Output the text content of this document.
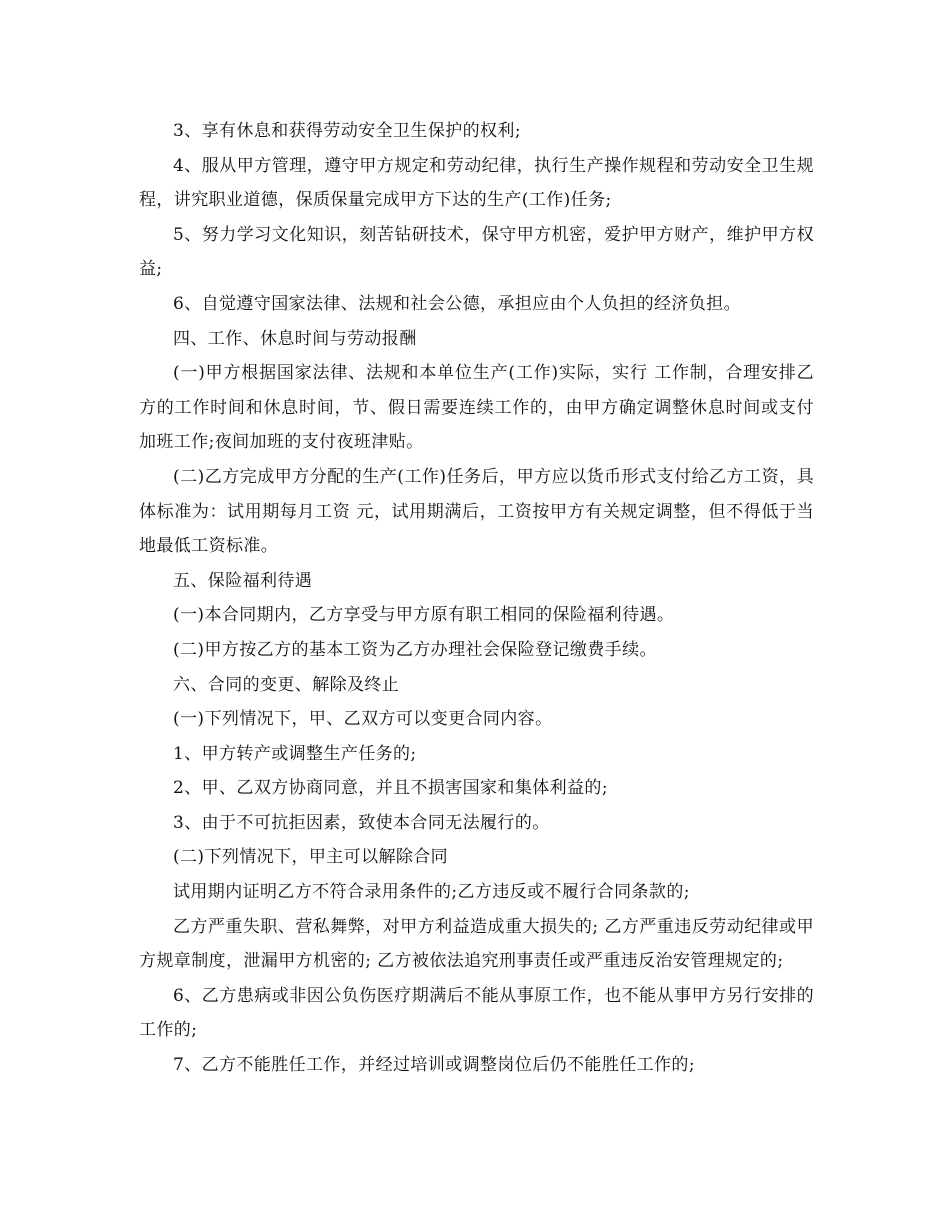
3、享有休息和获得劳动安全卫生保护的权利;

4、服从甲方管理，遵守甲方规定和劳动纪律，执行生产操作规程和劳动安全卫生规程，讲究职业道德，保质保量完成甲方下达的生产(工作)任务;

5、努力学习文化知识，刻苦钻研技术，保守甲方机密，爱护甲方财产，维护甲方权益;

6、自觉遵守国家法律、法规和社会公德，承担应由个人负担的经济负担。

四、工作、休息时间与劳动报酬

(一)甲方根据国家法律、法规和本单位生产(工作)实际，实行 工作制，合理安排乙方的工作时间和休息时间，节、假日需要连续工作的，由甲方确定调整休息时间或支付加班工作;夜间加班的支付夜班津贴。

(二)乙方完成甲方分配的生产(工作)任务后，甲方应以货币形式支付给乙方工资，具体标准为：试用期每月工资 元，试用期满后，工资按甲方有关规定调整，但不得低于当地最低工资标准。

五、保险福利待遇

(一)本合同期内，乙方享受与甲方原有职工相同的保险福利待遇。

(二)甲方按乙方的基本工资为乙方办理社会保险登记缴费手续。

六、合同的变更、解除及终止

(一)下列情况下，甲、乙双方可以变更合同内容。

1、甲方转产或调整生产任务的;

2、甲、乙双方协商同意，并且不损害国家和集体利益的;

3、由于不可抗拒因素，致使本合同无法履行的。

(二)下列情况下，甲主可以解除合同

试用期内证明乙方不符合录用条件的;乙方违反或不履行合同条款的;

乙方严重失职、营私舞弊，对甲方利益造成重大损失的; 乙方严重违反劳动纪律或甲方规章制度，泄漏甲方机密的; 乙方被依法追究刑事责任或严重违反治安管理规定的;

6、乙方患病或非因公负伤医疗期满后不能从事原工作，也不能从事甲方另行安排的工作的;

7、乙方不能胜任工作，并经过培训或调整岗位后仍不能胜任工作的;
